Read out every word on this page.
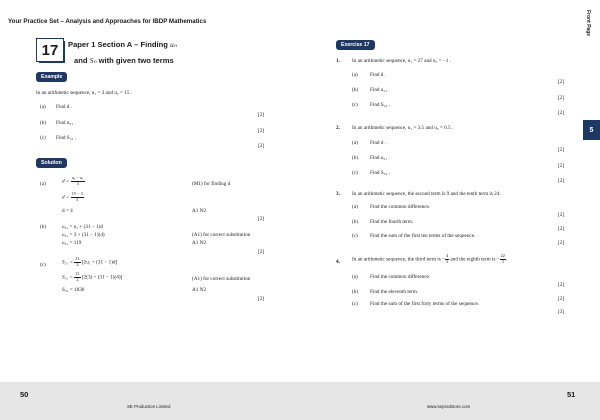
Your Practice Set – Analysis and Approaches for IBDP Mathematics	Front Page
5
17	Paper 1 Section A – Finding uₙ
and Sₙ with given two terms
Example
In an arithmetic sequence, u₁ = 3 and u₅ = 15 .
(a) Find d .
[2]
(b) Find u₃₁ .
[2]
(c) Find S₃₁ .
[2]
Solution
(a)	$d = \frac{\text{u₅ − u₁}}{3}$	(M1) for finding d
$d = \frac{15 - 3}{3}$
d = 4	A1 N2
[2]
(b)	u₃₁ = u₁ + (31 − 1)d
u₃₁ = 3 + (31 − 1)(4)	(A1) for correct substitution
u₃₁ = 119	A1 N2
[2]
(c)	$S_{31} = \frac{31}{2} [2u_1 + (31 - 1)d]$
$S_{31} = \frac{31}{2} [2(3) + (31 - 1)(4)]$	(A1) for correct substitution
S₃₁ = 1830	A1 N2
[2]
Exercise 17
1. In an arithmetic sequence, u₁ = 27 and u₅ = −1 .
(a) Find d .
[2]
(b) Find u₂₁ .
[2]
(c) Find S₂₁ .
[2]
2. In an arithmetic sequence, u₁ = 3.5 and u₃ = 6.5 .
(a) Find d .
[2]
(b) Find u₅₁ .
[2]
(c) Find S₅₁ .
[2]
3. In an arithmetic sequence, the second term is 9 and the tenth term is 24.
(a) Find the common difference.
[2]
(b) Find the fourth term.
[2]
(c) Find the sum of the first ten terms of the sequence.
[2]
4. In an arithmetic sequence, the third term is − $\frac{4}{3}$ and the eighth term is − $\frac{22}{3}$ .
(a) Find the common difference.
[2]
(b) Find the eleventh term.
[2]
(c) Find the sum of the first forty terms of the sequence.
[3]
50	51
SE Production Limited	www.seprodstore.com
